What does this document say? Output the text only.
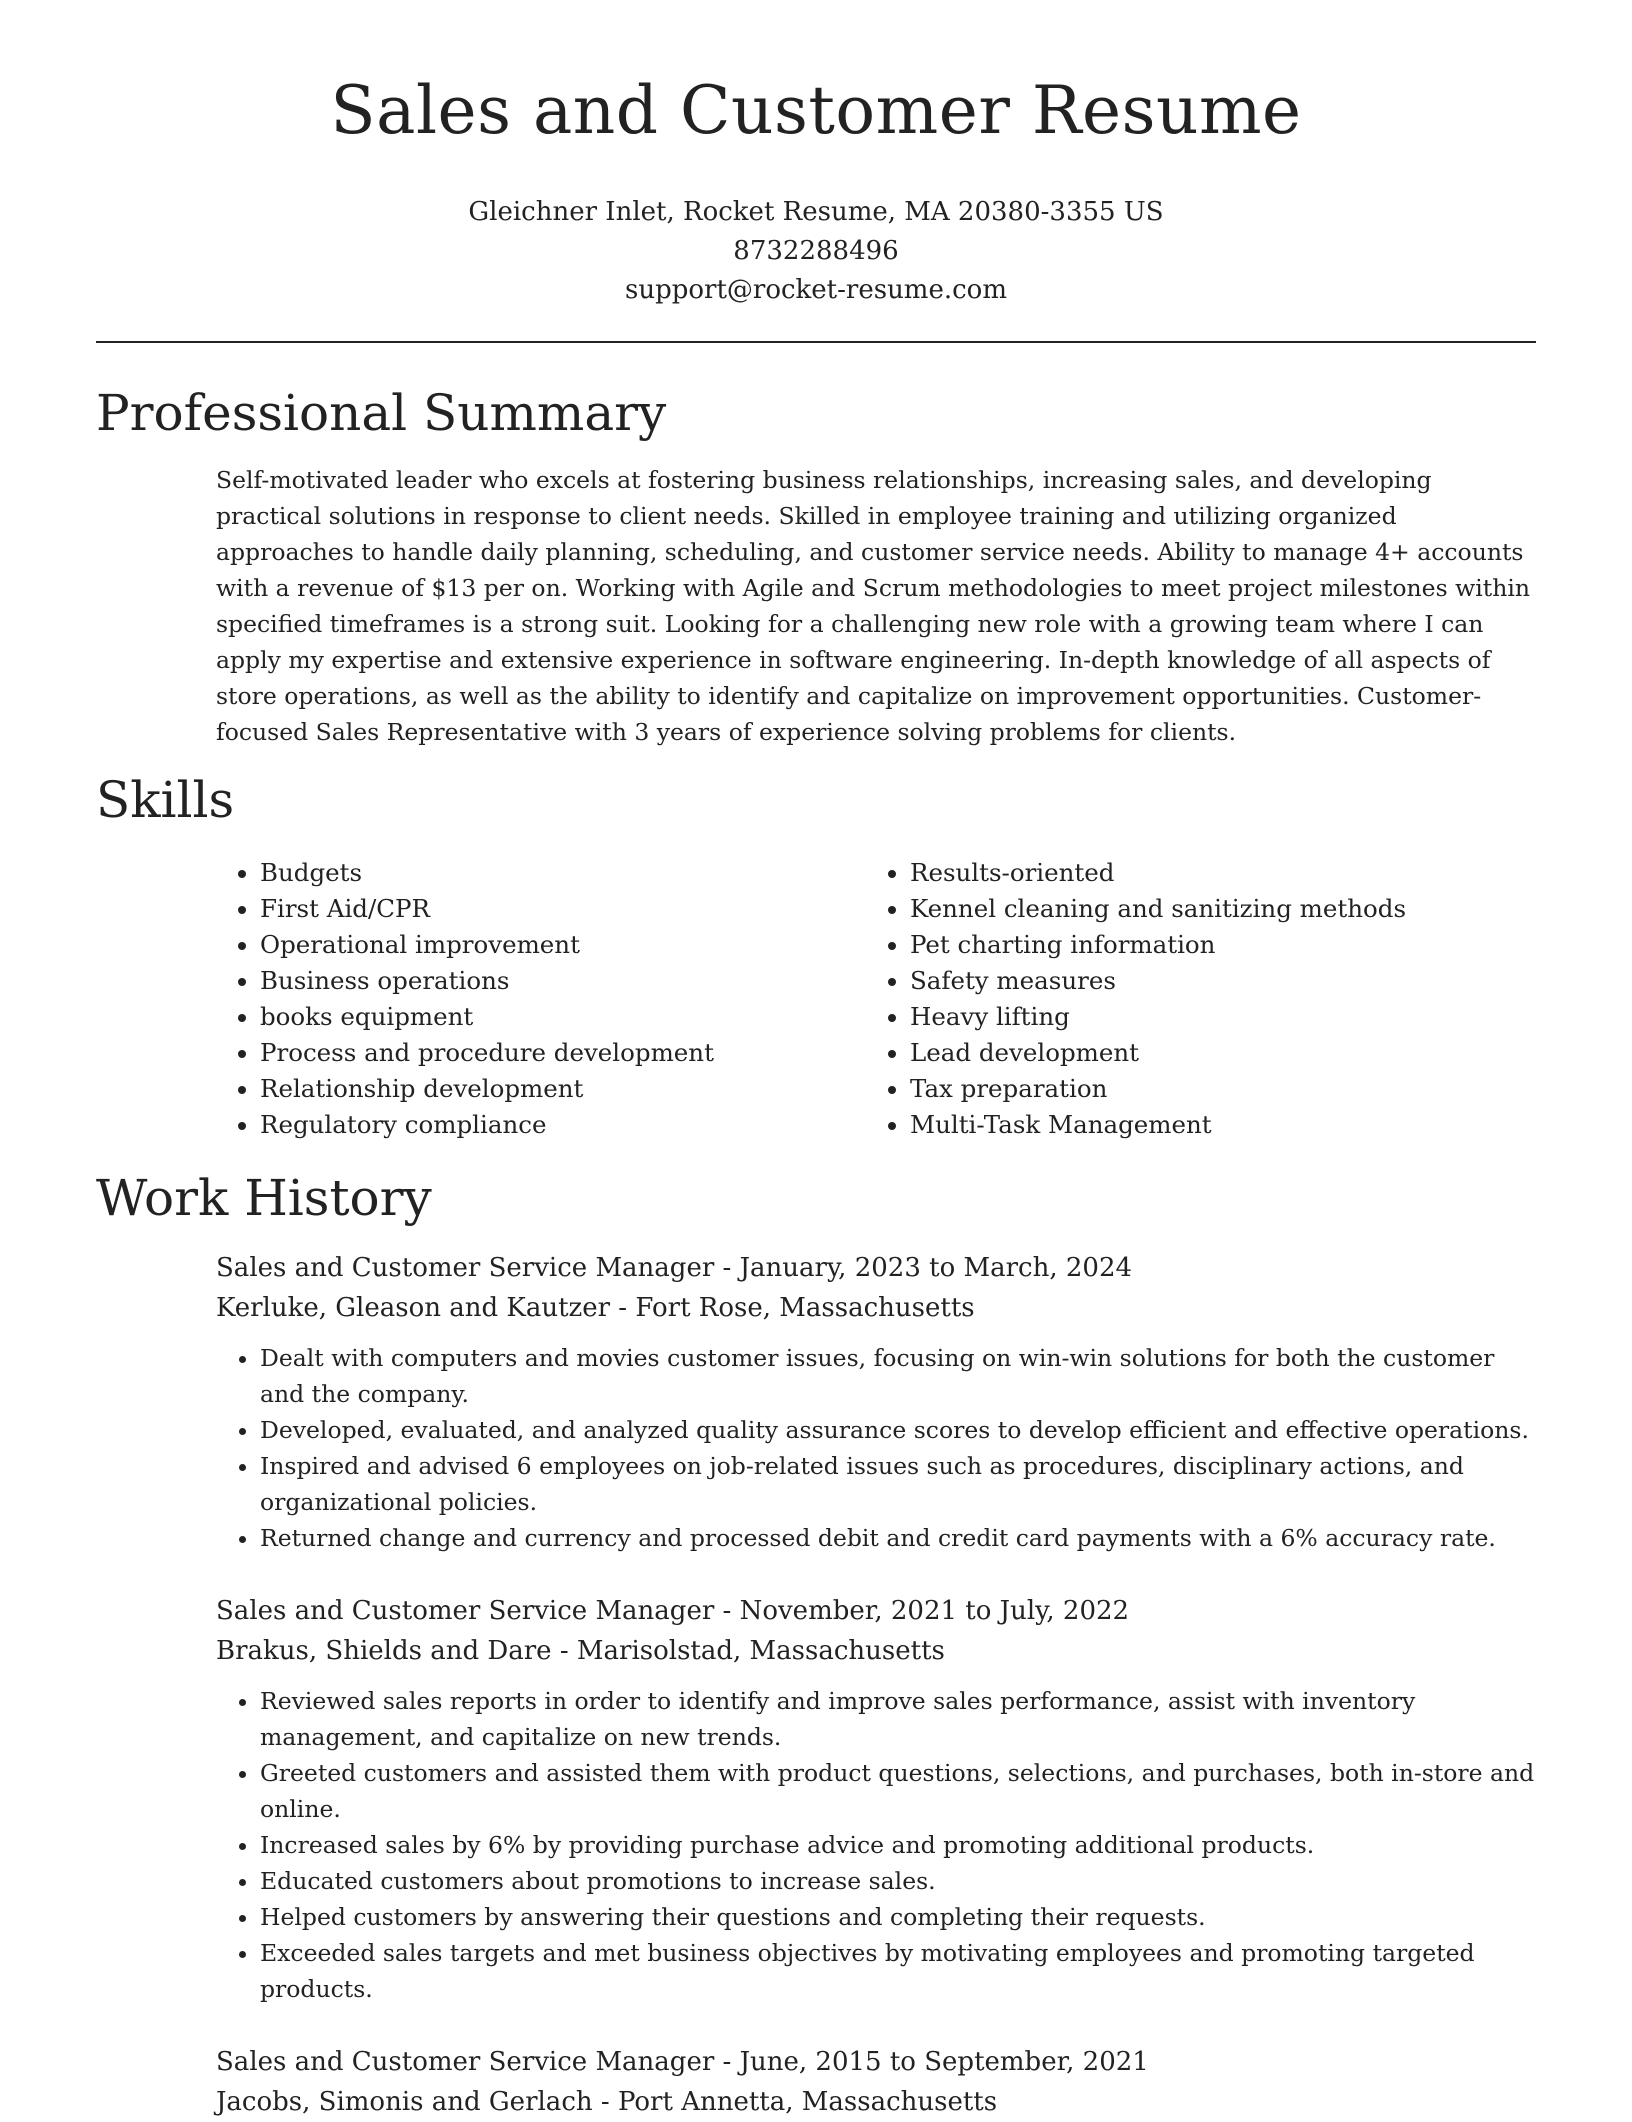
Sales and Customer Resume
Gleichner Inlet, Rocket Resume, MA 20380-3355 US
8732288496
support@rocket-resume.com
Professional Summary

Self-motivated leader who excels at fostering business relationships, increasing sales, and developing practical solutions in response to client needs. Skilled in employee training and utilizing organized approaches to handle daily planning, scheduling, and customer service needs. Ability to manage 4+ accounts with a revenue of $13 per on. Working with Agile and Scrum methodologies to meet project milestones within specified timeframes is a strong suit. Looking for a challenging new role with a growing team where I can apply my expertise and extensive experience in software engineering. In-depth knowledge of all aspects of store operations, as well as the ability to identify and capitalize on improvement opportunities. Customer-focused Sales Representative with 3 years of experience solving problems for clients.

Skills
• Budgets
• First Aid/CPR
• Operational improvement
• Business operations
• books equipment
• Process and procedure development
• Relationship development
• Regulatory compliance
• Results-oriented
• Kennel cleaning and sanitizing methods
• Pet charting information
• Safety measures
• Heavy lifting
• Lead development
• Tax preparation
• Multi-Task Management
Work History

Sales and Customer Service Manager - January, 2023 to March, 2024

Kerluke, Gleason and Kautzer - Fort Rose, Massachusetts

• Dealt with computers and movies customer issues, focusing on win-win solutions for both the customer and the company.
• Developed, evaluated, and analyzed quality assurance scores to develop efficient and effective operations.
• Inspired and advised 6 employees on job-related issues such as procedures, disciplinary actions, and organizational policies.
• Returned change and currency and processed debit and credit card payments with a 6% accuracy rate.

Sales and Customer Service Manager - November, 2021 to July, 2022

Brakus, Shields and Dare - Marisolstad, Massachusetts

• Reviewed sales reports in order to identify and improve sales performance, assist with inventory management, and capitalize on new trends.
• Greeted customers and assisted them with product questions, selections, and purchases, both in-store and online.
• Increased sales by 6% by providing purchase advice and promoting additional products.
• Educated customers about promotions to increase sales.
• Helped customers by answering their questions and completing their requests.
• Exceeded sales targets and met business objectives by motivating employees and promoting targeted products.

Sales and Customer Service Manager - June, 2015 to September, 2021

Jacobs, Simonis and Gerlach - Port Annetta, Massachusetts
